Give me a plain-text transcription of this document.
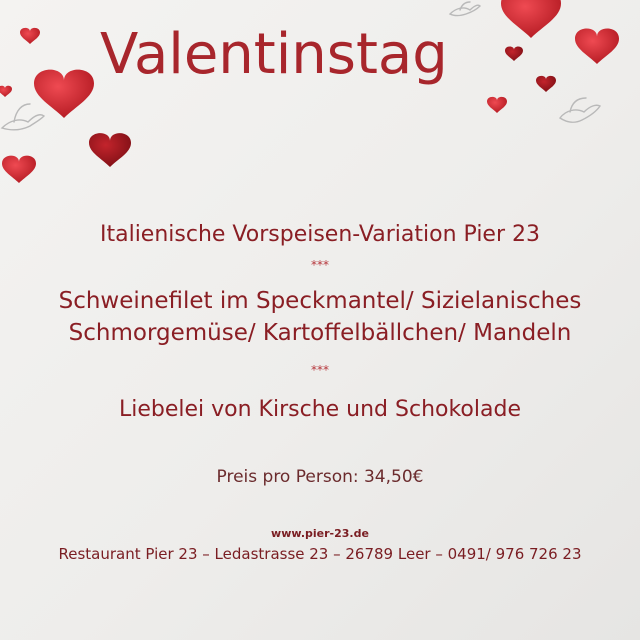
Valentinstag

Italienische Vorspeisen-Variation Pier 23

***

Schweinefilet im Speckmantel/ Sizielanisches

Schmorgemüse/ Kartoffelbällchen/ Mandeln

***

Liebelei von Kirsche und Schokolade

Preis pro Person: 34,50€

www.pier-23.de

Restaurant Pier 23 – Ledastrasse 23 – 26789 Leer – 0491/ 976 726 23
